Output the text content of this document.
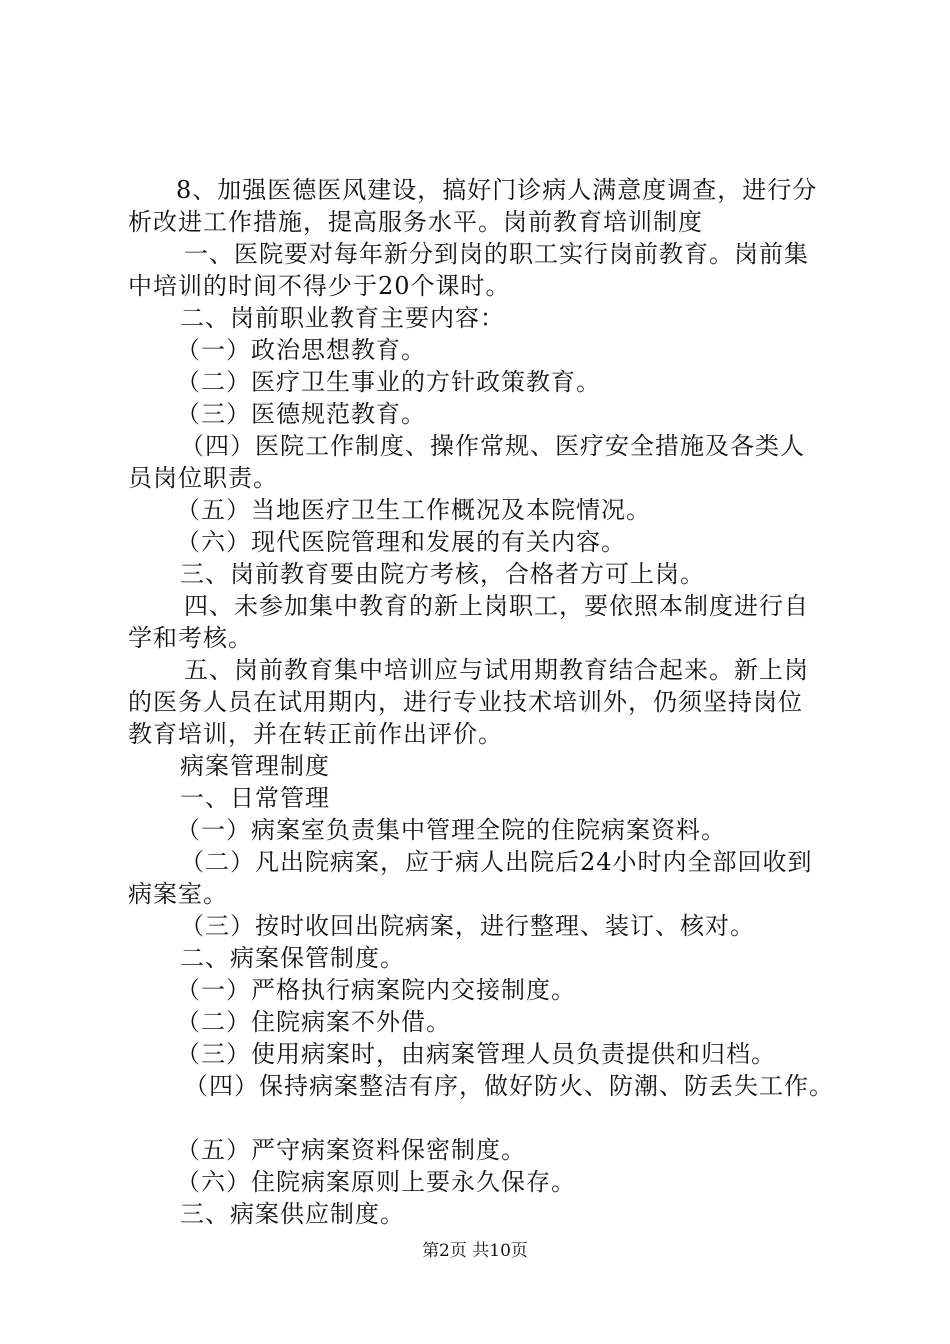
8、加强医德医风建设，搞好门诊病人满意度调查，进行分
析改进工作措施，提高服务水平。岗前教育培训制度
一、医院要对每年新分到岗的职工实行岗前教育。岗前集
中培训的时间不得少于20个课时。
二、岗前职业教育主要内容：
（一）政治思想教育。
（二）医疗卫生事业的方针政策教育。
（三）医德规范教育。
（四）医院工作制度、操作常规、医疗安全措施及各类人
员岗位职责。
（五）当地医疗卫生工作概况及本院情况。
（六）现代医院管理和发展的有关内容。
三、岗前教育要由院方考核，合格者方可上岗。
四、未参加集中教育的新上岗职工，要依照本制度进行自
学和考核。
五、岗前教育集中培训应与试用期教育结合起来。新上岗
的医务人员在试用期内，进行专业技术培训外，仍须坚持岗位
教育培训，并在转正前作出评价。
病案管理制度
一、日常管理
（一）病案室负责集中管理全院的住院病案资料。
（二）凡出院病案，应于病人出院后24小时内全部回收到
病案室。
（三）按时收回出院病案，进行整理、装订、核对。
二、病案保管制度。
（一）严格执行病案院内交接制度。
（二）住院病案不外借。
（三）使用病案时，由病案管理人员负责提供和归档。
（四）保持病案整洁有序，做好防火、防潮、防丢失工作。
（五）严守病案资料保密制度。
（六）住院病案原则上要永久保存。
三、病案供应制度。
第2页 共10页
